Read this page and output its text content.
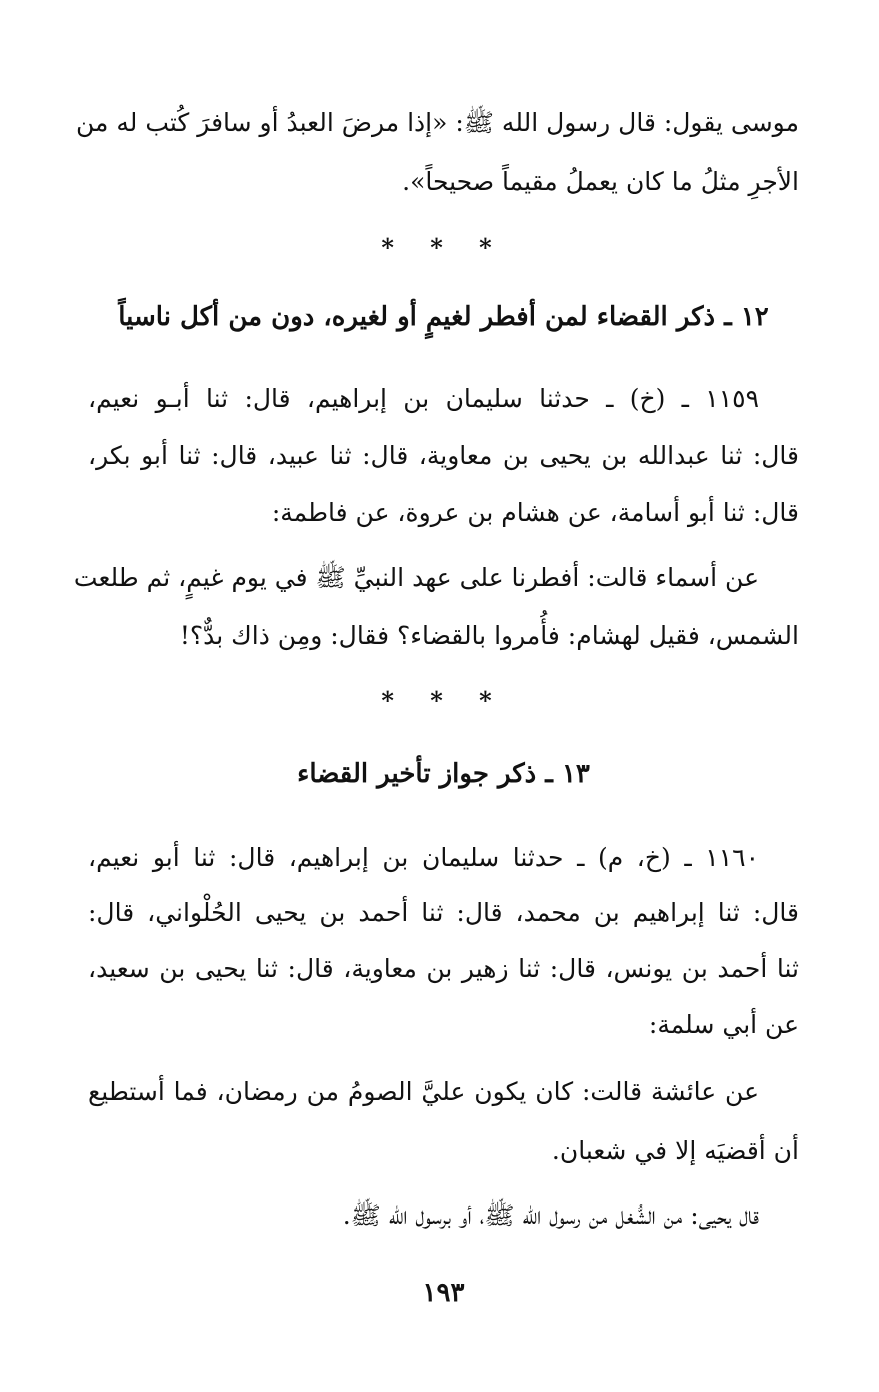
موسى يقول: قال رسول الله ﷺ: «إذا مرضَ العبدُ أو سافرَ كُتب له من
الأجرِ مثلُ ما كان يعملُ مقيماً صحيحاً».
* * *
١٢ ـ ذكر القضاء لمن أفطر لغيمٍ أو لغيره، دون من أكل ناسياً
١١٥٩ ـ (خ) ـ حدثنا سليمان بن إبراهيم، قال: ثنا أبـو نعيم،
قال: ثنا عبدالله بن يحيى بن معاوية، قال: ثنا عبيد، قال: ثنا أبو بكر،
قال: ثنا أبو أسامة، عن هشام بن عروة، عن فاطمة:
عن أسماء قالت: أفطرنا على عهد النبيِّ ﷺ في يوم غيمٍ، ثم طلعت
الشمس، فقيل لهشام: فأُمروا بالقضاء؟ فقال: ومِن ذاك بدٌّ؟!
* * *
١٣ ـ ذكر جواز تأخير القضاء
١١٦٠ ـ (خ، م) ـ حدثنا سليمان بن إبراهيم، قال: ثنا أبو نعيم،
قال: ثنا إبراهيم بن محمد، قال: ثنا أحمد بن يحيى الحُلْواني، قال:
ثنا أحمد بن يونس، قال: ثنا زهير بن معاوية، قال: ثنا يحيى بن سعيد،
عن أبي سلمة:
عن عائشة قالت: كان يكون عليَّ الصومُ من رمضان، فما أستطيع
أن أقضيَه إلا في شعبان.
قال يحيى: من الشُّغل من رسول الله ﷺ، أو برسول الله ﷺ.
١٩٣
